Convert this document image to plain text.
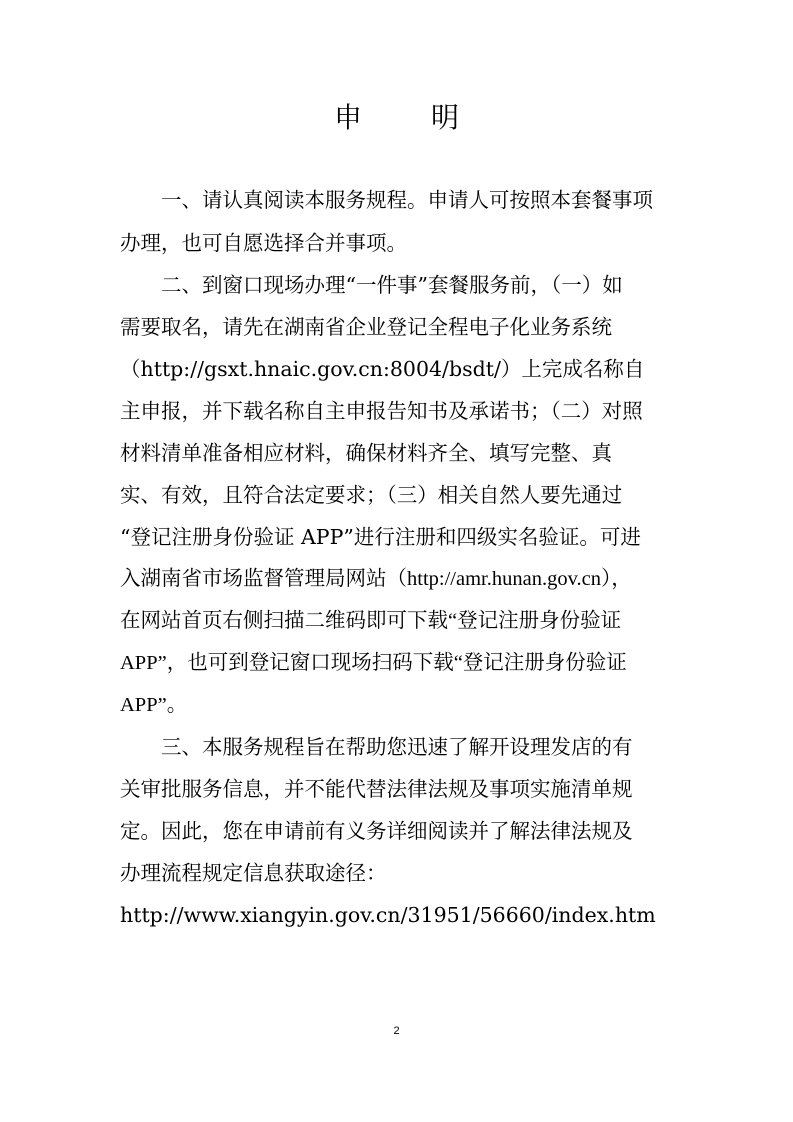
申 明
一、请认真阅读本服务规程。申请人可按照本套餐事项
办理，也可自愿选择合并事项。
二、到窗口现场办理“一件事”套餐服务前，（一）如
需要取名，请先在湖南省企业登记全程电子化业务系统
（http://gsxt.hnaic.gov.cn:8004/bsdt/）上完成名称自
主申报，并下载名称自主申报告知书及承诺书；（二）对照
材料清单准备相应材料，确保材料齐全、填写完整、真
实、有效，且符合法定要求；（三）相关自然人要先通过
“登记注册身份验证 APP”进行注册和四级实名验证。可进
入湖南省市场监督管理局网站（http://amr.hunan.gov.cn），
在网站首页右侧扫描二维码即可下载“登记注册身份验证
APP”，也可到登记窗口现场扫码下载“登记注册身份验证
APP”。
三、本服务规程旨在帮助您迅速了解开设理发店的有
关审批服务信息，并不能代替法律法规及事项实施清单规
定。因此，您在申请前有义务详细阅读并了解法律法规及
办理流程规定信息获取途径：
http://www.xiangyin.gov.cn/31951/56660/index.htm
2
